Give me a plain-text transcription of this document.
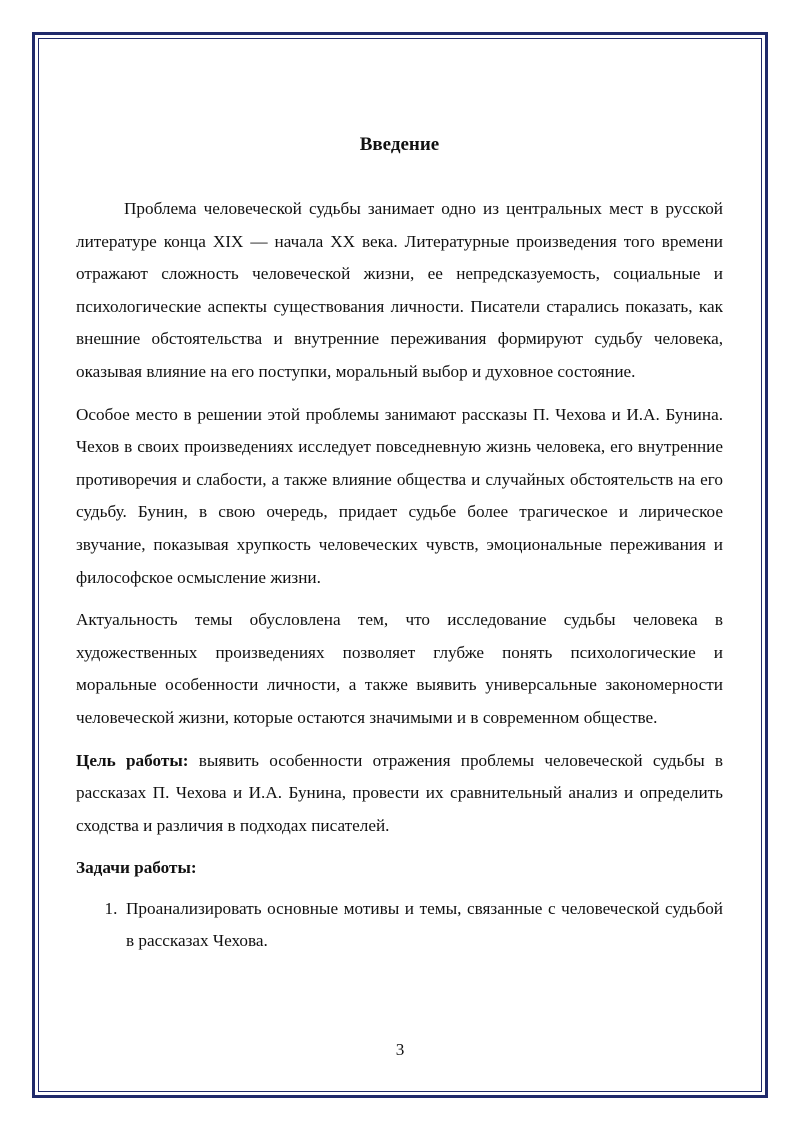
Введение

Проблема человеческой судьбы занимает одно из центральных мест в русской литературе конца XIX — начала XX века. Литературные произведения того времени отражают сложность человеческой жизни, ее непредсказуемость, социальные и психологические аспекты существования личности. Писатели старались показать, как внешние обстоятельства и внутренние переживания формируют судьбу человека, оказывая влияние на его поступки, моральный выбор и духовное состояние.

Особое место в решении этой проблемы занимают рассказы П. Чехова и И.А. Бунина. Чехов в своих произведениях исследует повседневную жизнь человека, его внутренние противоречия и слабости, а также влияние общества и случайных обстоятельств на его судьбу. Бунин, в свою очередь, придает судьбе более трагическое и лирическое звучание, показывая хрупкость человеческих чувств, эмоциональные переживания и философское осмысление жизни.

Актуальность темы обусловлена тем, что исследование судьбы человека в художественных произведениях позволяет глубже понять психологические и моральные особенности личности, а также выявить универсальные закономерности человеческой жизни, которые остаются значимыми и в современном обществе.

Цель работы: выявить особенности отражения проблемы человеческой судьбы в рассказах П. Чехова и И.А. Бунина, провести их сравнительный анализ и определить сходства и различия в подходах писателей.

Задачи работы:

1. Проанализировать основные мотивы и темы, связанные с человеческой судьбой в рассказах Чехова.
3
